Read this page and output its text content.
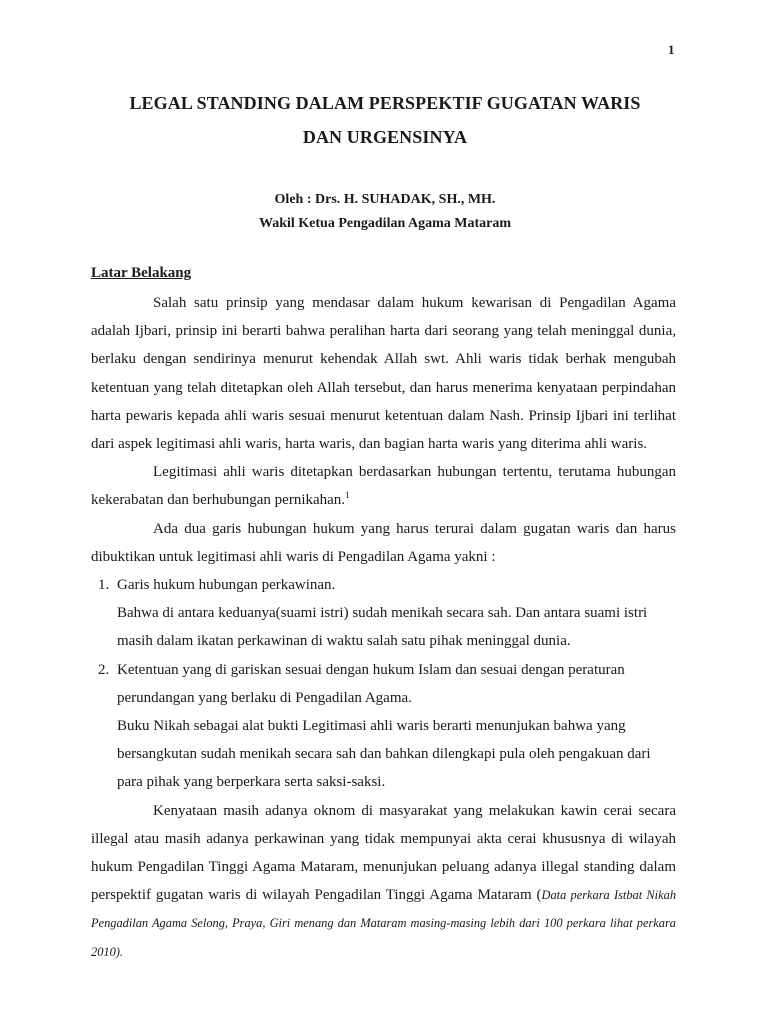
1
LEGAL STANDING DALAM PERSPEKTIF GUGATAN WARIS
DAN URGENSINYA
Oleh : Drs. H. SUHADAK, SH., MH.
Wakil Ketua Pengadilan Agama Mataram
Latar Belakang

Salah satu prinsip yang mendasar dalam hukum kewarisan di Pengadilan Agama adalah Ijbari, prinsip ini berarti bahwa peralihan harta dari seorang yang telah meninggal dunia, berlaku dengan sendirinya menurut kehendak Allah swt. Ahli waris tidak berhak mengubah ketentuan yang telah ditetapkan oleh Allah tersebut, dan harus menerima kenyataan perpindahan harta pewaris kepada ahli waris sesuai menurut ketentuan dalam Nash. Prinsip Ijbari ini terlihat dari aspek legitimasi ahli waris, harta waris, dan bagian harta waris yang diterima ahli waris.

Legitimasi ahli waris ditetapkan berdasarkan hubungan tertentu, terutama hubungan kekerabatan dan berhubungan pernikahan.$^1$

Ada dua garis hubungan hukum yang harus terurai dalam gugatan waris dan harus dibuktikan untuk legitimasi ahli waris di Pengadilan Agama yakni :

1. Garis hukum hubungan perkawinan.
Bahwa di antara keduanya(suami istri) sudah menikah secara sah. Dan antara suami istri masih dalam ikatan perkawinan di waktu salah satu pihak meninggal dunia.
2. Ketentuan yang di gariskan sesuai dengan hukum Islam dan sesuai dengan peraturan perundangan yang berlaku di Pengadilan Agama.
Buku Nikah sebagai alat bukti Legitimasi ahli waris berarti menunjukan bahwa yang bersangkutan sudah menikah secara sah dan bahkan dilengkapi pula oleh pengakuan dari para pihak yang berperkara serta saksi-saksi.

Kenyataan masih adanya oknom di masyarakat yang melakukan kawin cerai secara illegal atau masih adanya perkawinan yang tidak mempunyai akta cerai khususnya di wilayah hukum Pengadilan Tinggi Agama Mataram, menunjukan peluang adanya illegal standing dalam perspektif gugatan waris di wilayah Pengadilan Tinggi Agama Mataram (Data perkara Istbat Nikah Pengadilan Agama Selong, Praya, Giri menang dan Mataram masing-masing lebih dari 100 perkara lihat perkara 2010).
